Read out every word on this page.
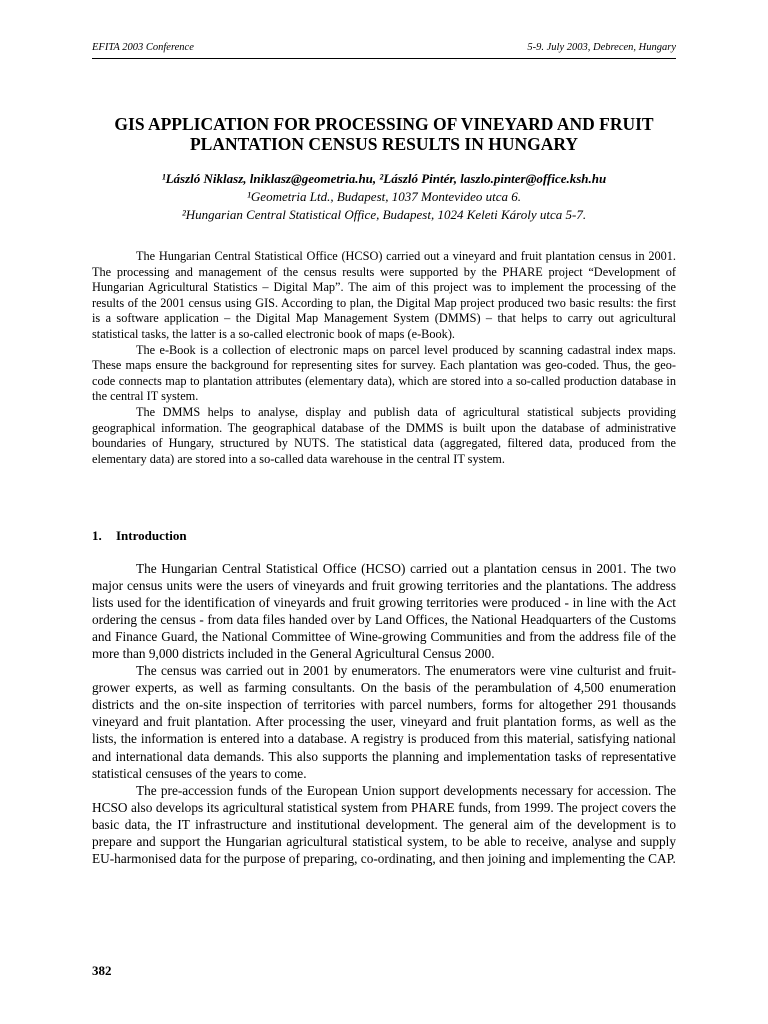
EFITA 2003 Conference	5-9. July 2003, Debrecen, Hungary
GIS APPLICATION FOR PROCESSING OF VINEYARD AND FRUIT
PLANTATION CENSUS RESULTS IN HUNGARY
¹László Niklasz, lniklasz@geometria.hu, ²László Pintér, laszlo.pinter@office.ksh.hu
¹Geometria Ltd., Budapest, 1037 Montevideo utca 6.
²Hungarian Central Statistical Office, Budapest, 1024 Keleti Károly utca 5-7.

The Hungarian Central Statistical Office (HCSO) carried out a vineyard and fruit plantation census in 2001. The processing and management of the census results were supported by the PHARE project “Development of Hungarian Agricultural Statistics – Digital Map”. The aim of this project was to implement the processing of the results of the 2001 census using GIS. According to plan, the Digital Map project produced two basic results: the first is a software application – the Digital Map Management System (DMMS) – that helps to carry out agricultural statistical tasks, the latter is a so-called electronic book of maps (e-Book).

The e-Book is a collection of electronic maps on parcel level produced by scanning cadastral index maps. These maps ensure the background for representing sites for survey. Each plantation was geo-coded. Thus, the geo-code connects map to plantation attributes (elementary data), which are stored into a so-called production database in the central IT system.

The DMMS helps to analyse, display and publish data of agricultural statistical subjects providing geographical information. The geographical database of the DMMS is built upon the database of administrative boundaries of Hungary, structured by NUTS. The statistical data (aggregated, filtered data, produced from the elementary data) are stored into a so-called data warehouse in the central IT system.

1. Introduction

The Hungarian Central Statistical Office (HCSO) carried out a plantation census in 2001. The two major census units were the users of vineyards and fruit growing territories and the plantations. The address lists used for the identification of vineyards and fruit growing territories were produced - in line with the Act ordering the census - from data files handed over by Land Offices, the National Headquarters of the Customs and Finance Guard, the National Committee of Wine-growing Communities and from the address file of the more than 9,000 districts included in the General Agricultural Census 2000.

The census was carried out in 2001 by enumerators. The enumerators were vine culturist and fruit-grower experts, as well as farming consultants. On the basis of the perambulation of 4,500 enumeration districts and the on-site inspection of territories with parcel numbers, forms for altogether 291 thousands vineyard and fruit plantation. After processing the user, vineyard and fruit plantation forms, as well as the lists, the information is entered into a database. A registry is produced from this material, satisfying national and international data demands. This also supports the planning and implementation tasks of representative statistical censuses of the years to come.

The pre-accession funds of the European Union support developments necessary for accession. The HCSO also develops its agricultural statistical system from PHARE funds, from 1999. The project covers the basic data, the IT infrastructure and institutional development. The general aim of the development is to prepare and support the Hungarian agricultural statistical system, to be able to receive, analyse and supply EU-harmonised data for the purpose of preparing, co-ordinating, and then joining and implementing the CAP.

382
